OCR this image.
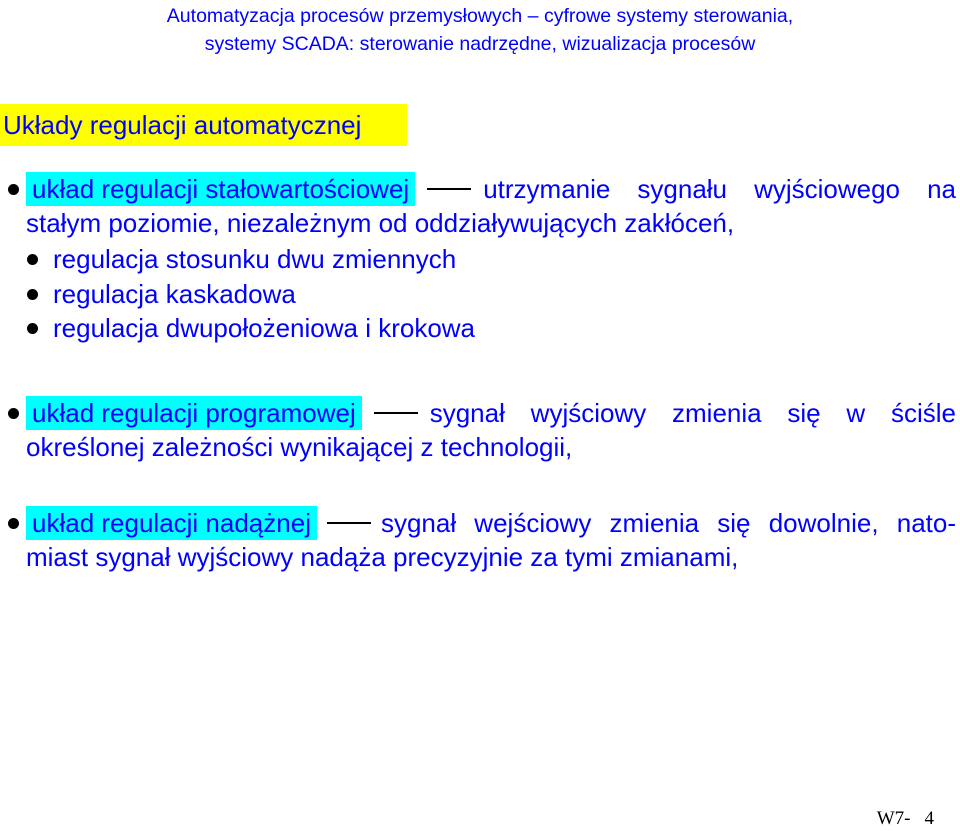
Automatyzacja procesów przemysłowych – cyfrowe systemy sterowania,
systemy SCADA: sterowanie nadrzędne, wizualizacja procesów
Układy regulacji automatycznej
układ regulacji stałowartościowej	utrzymanie sygnału wyjściowego na
stałym poziomie, niezależnym od oddziaływujących zakłóceń,
regulacja stosunku dwu zmiennych
regulacja kaskadowa
regulacja dwupołożeniowa i krokowa
układ regulacji programowej	sygnał wyjściowy zmienia się w ściśle
określonej zależności wynikającej z technologii,
układ regulacji nadążnej	sygnał wejściowy zmienia się dowolnie, nato-
miast sygnał wyjściowy nadąża precyzyjnie za tymi zmianami,
W7- 4
